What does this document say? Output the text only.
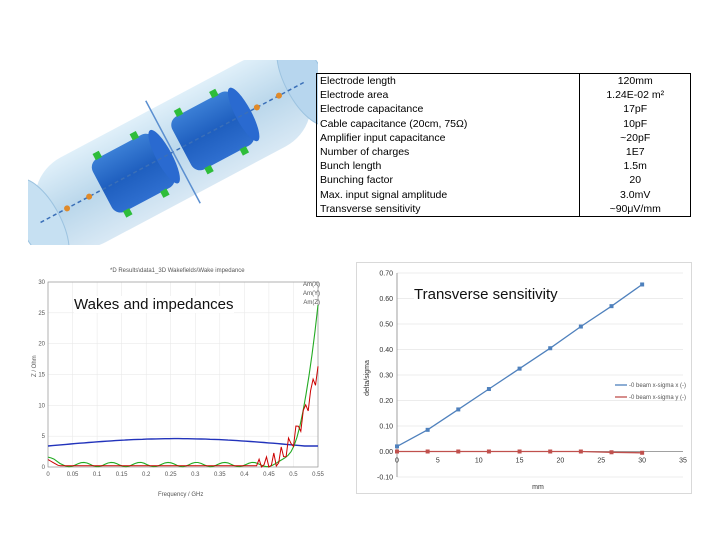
Electrode length	120mm
Electrode area	1.24E-02 m²
Electrode capacitance	17pF
Cable capacitance (20cm, 75Ω)	10pF
Amplifier input capacitance	~20pF
Number of charges	1E7
Bunch length	1.5m
Bunching factor	20
Max. input signal amplitude	3.0mV
Transverse sensitivity	~90μV/mm
*D Results\data1_3D Wakefields\Wake impedance
0	0.05 0.1 0.15 0.2 0.25 0.3 0.35 0.4 0.45 0.5 0.55
0
5
10
15
20
25
30
Z / Ohm
Frequency / GHz
Am(X)
Am(Y)
Am(Z)
Wakes and impedances
-0.10
0.00
0.10
0.20
0.30
0.40
0.50
0.60
0.70
0	5	10	15	20	25	30	35
delta/sigma
mm
-0 beam x-sigma x (-)
-0 beam x-sigma y (-)
Transverse sensitivity
